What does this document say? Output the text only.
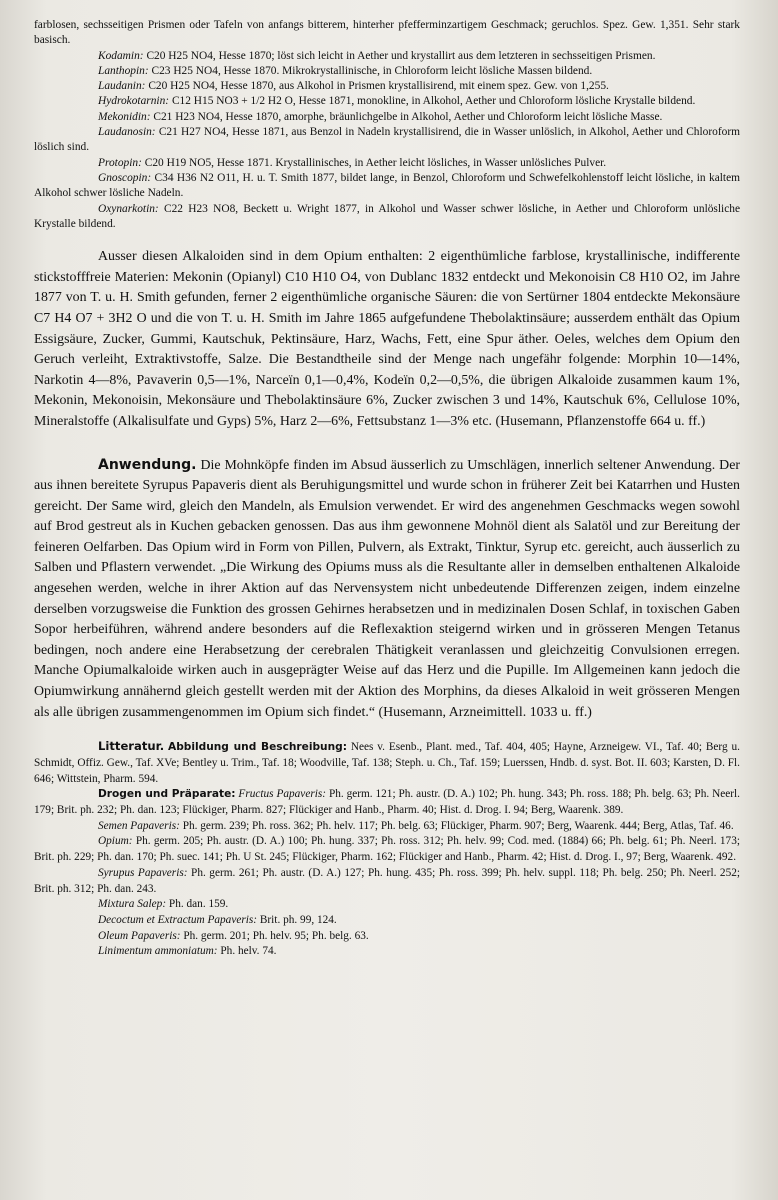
farblosen, sechsseitigen Prismen oder Tafeln von anfangs bitterem, hinterher pfefferminzartigem Geschmack; geruchlos. Spez. Gew. 1,351. Sehr stark basisch.

Kodamin: C20 H25 NO4, Hesse 1870; löst sich leicht in Aether und krystallirt aus dem letzteren in sechsseitigen Prismen.

Lanthopin: C23 H25 NO4, Hesse 1870. Mikrokrystallinische, in Chloroform leicht lösliche Massen bildend.

Laudanin: C20 H25 NO4, Hesse 1870, aus Alkohol in Prismen krystallisirend, mit einem spez. Gew. von 1,255.

Hydrokotarnin: C12 H15 NO3 + 1/2 H2 O, Hesse 1871, monokline, in Alkohol, Aether und Chloroform lösliche Krystalle bildend.

Mekonidin: C21 H23 NO4, Hesse 1870, amorphe, bräunlichgelbe in Alkohol, Aether und Chloroform leicht lösliche Masse.

Laudanosin: C21 H27 NO4, Hesse 1871, aus Benzol in Nadeln krystallisirend, die in Wasser unlöslich, in Alkohol, Aether und Chloroform löslich sind.

Protopin: C20 H19 NO5, Hesse 1871. Krystallinisches, in Aether leicht lösliches, in Wasser unlösliches Pulver.

Gnoscopin: C34 H36 N2 O11, H. u. T. Smith 1877, bildet lange, in Benzol, Chloroform und Schwefelkohlenstoff leicht lösliche, in kaltem Alkohol schwer lösliche Nadeln.

Oxynarkotin: C22 H23 NO8, Beckett u. Wright 1877, in Alkohol und Wasser schwer lösliche, in Aether und Chloroform unlösliche Krystalle bildend.

Ausser diesen Alkaloiden sind in dem Opium enthalten: 2 eigenthümliche farblose, krystallinische, indifferente stickstofffreie Materien: Mekonin (Opianyl) C10 H10 O4, von Dublanc 1832 entdeckt und Mekonoisin C8 H10 O2, im Jahre 1877 von T. u. H. Smith gefunden, ferner 2 eigenthümliche organische Säuren: die von Sertürner 1804 entdeckte Mekonsäure C7 H4 O7 + 3H2 O und die von T. u. H. Smith im Jahre 1865 aufgefundene Thebolaktinsäure; ausserdem enthält das Opium Essigsäure, Zucker, Gummi, Kautschuk, Pektinsäure, Harz, Wachs, Fett, eine Spur äther. Oeles, welches dem Opium den Geruch verleiht, Extraktivstoffe, Salze. Die Bestandtheile sind der Menge nach ungefähr folgende: Morphin 10—14%, Narkotin 4—8%, Pavaverin 0,5—1%, Narceïn 0,1—0,4%, Kodeïn 0,2—0,5%, die übrigen Alkaloide zusammen kaum 1%, Mekonin, Mekonoisin, Mekonsäure und Thebolaktinsäure 6%, Zucker zwischen 3 und 14%, Kautschuk 6%, Cellulose 10%, Mineralstoffe (Alkalisulfate und Gyps) 5%, Harz 2—6%, Fettsubstanz 1—3% etc. (Husemann, Pflanzenstoffe 664 u. ff.)

Anwendung. Die Mohnköpfe finden im Absud äusserlich zu Umschlägen, innerlich seltener Anwendung. Der aus ihnen bereitete Syrupus Papaveris dient als Beruhigungsmittel und wurde schon in früherer Zeit bei Katarrhen und Husten gereicht. Der Same wird, gleich den Mandeln, als Emulsion verwendet. Er wird des angenehmen Geschmacks wegen sowohl auf Brod gestreut als in Kuchen gebacken genossen. Das aus ihm gewonnene Mohnöl dient als Salatöl und zur Bereitung der feineren Oelfarben. Das Opium wird in Form von Pillen, Pulvern, als Extrakt, Tinktur, Syrup etc. gereicht, auch äusserlich zu Salben und Pflastern verwendet. „Die Wirkung des Opiums muss als die Resultante aller in demselben enthaltenen Alkaloide angesehen werden, welche in ihrer Aktion auf das Nervensystem nicht unbedeutende Differenzen zeigen, indem einzelne derselben vorzugsweise die Funktion des grossen Gehirnes herabsetzen und in medizinalen Dosen Schlaf, in toxischen Gaben Sopor herbeiführen, während andere besonders auf die Reflexaktion steigernd wirken und in grösseren Mengen Tetanus bedingen, noch andere eine Herabsetzung der cerebralen Thätigkeit veranlassen und gleichzeitig Convulsionen erregen. Manche Opiumalkaloide wirken auch in ausgeprägter Weise auf das Herz und die Pupille. Im Allgemeinen kann jedoch die Opiumwirkung annähernd gleich gestellt werden mit der Aktion des Morphins, da dieses Alkaloid in weit grösseren Mengen als alle übrigen zusammengenommen im Opium sich findet.“ (Husemann, Arzneimittell. 1033 u. ff.)

Litteratur. Abbildung und Beschreibung: Nees v. Esenb., Plant. med., Taf. 404, 405; Hayne, Arzneigew. VI., Taf. 40; Berg u. Schmidt, Offiz. Gew., Taf. XVe; Bentley u. Trim., Taf. 18; Woodville, Taf. 138; Steph. u. Ch., Taf. 159; Luerssen, Hndb. d. syst. Bot. II. 603; Karsten, D. Fl. 646; Wittstein, Pharm. 594.

Drogen und Präparate: Fructus Papaveris: Ph. germ. 121; Ph. austr. (D. A.) 102; Ph. hung. 343; Ph. ross. 188; Ph. belg. 63; Ph. Neerl. 179; Brit. ph. 232; Ph. dan. 123; Flückiger, Pharm. 827; Flückiger and Hanb., Pharm. 40; Hist. d. Drog. I. 94; Berg, Waarenk. 389.

Semen Papaveris: Ph. germ. 239; Ph. ross. 362; Ph. helv. 117; Ph. belg. 63; Flückiger, Pharm. 907; Berg, Waarenk. 444; Berg, Atlas, Taf. 46.

Opium: Ph. germ. 205; Ph. austr. (D. A.) 100; Ph. hung. 337; Ph. ross. 312; Ph. helv. 99; Cod. med. (1884) 66; Ph. belg. 61; Ph. Neerl. 173; Brit. ph. 229; Ph. dan. 170; Ph. suec. 141; Ph. U St. 245; Flückiger, Pharm. 162; Flückiger and Hanb., Pharm. 42; Hist. d. Drog. I., 97; Berg, Waarenk. 492.

Syrupus Papaveris: Ph. germ. 261; Ph. austr. (D. A.) 127; Ph. hung. 435; Ph. ross. 399; Ph. helv. suppl. 118; Ph. belg. 250; Ph. Neerl. 252; Brit. ph. 312; Ph. dan. 243.

Mixtura Salep: Ph. dan. 159.

Decoctum et Extractum Papaveris: Brit. ph. 99, 124.

Oleum Papaveris: Ph. germ. 201; Ph. helv. 95; Ph. belg. 63.

Linimentum ammoniatum: Ph. helv. 74.
